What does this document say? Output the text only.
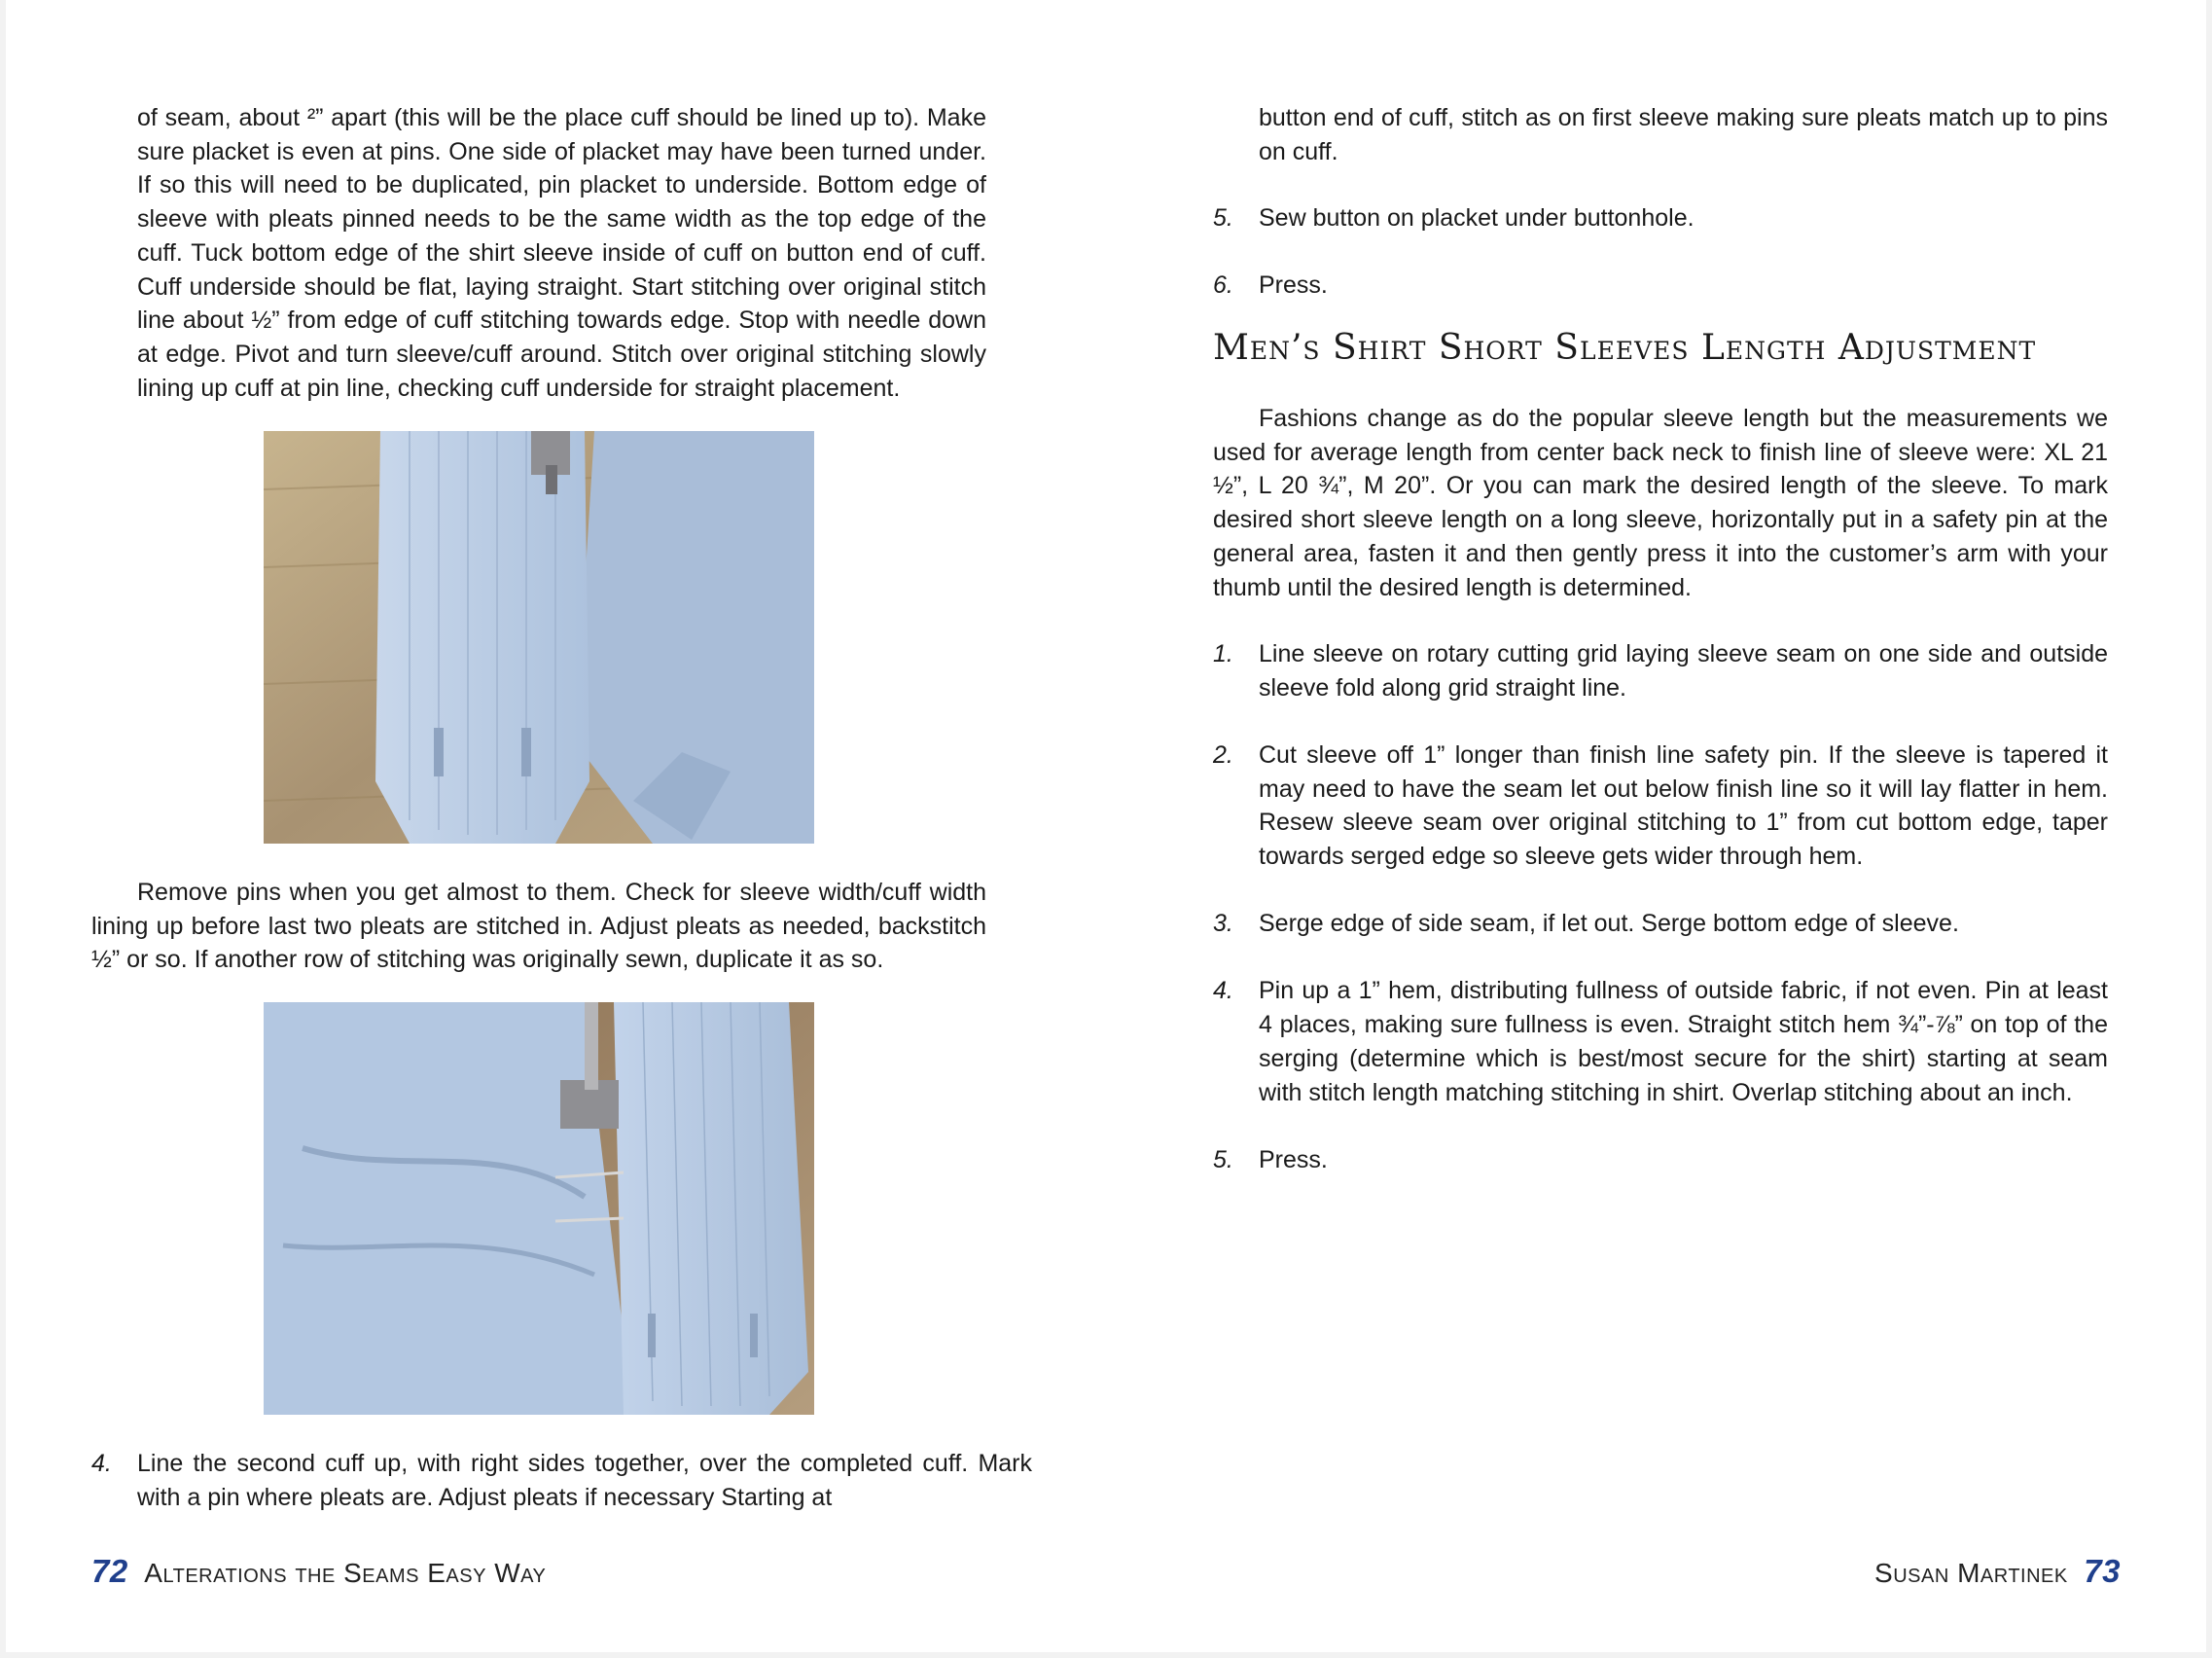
of seam, about ²” apart (this will be the place cuff should be lined up to). Make sure placket is even at pins. One side of placket may have been turned under. If so this will need to be duplicated, pin placket to underside. Bottom edge of sleeve with pleats pinned needs to be the same width as the top edge of the cuff. Tuck bottom edge of the shirt sleeve inside of cuff on button end of cuff. Cuff underside should be flat, laying straight. Start stitching over original stitch line about ½” from edge of cuff stitching towards edge. Stop with needle down at edge. Pivot and turn sleeve/cuff around. Stitch over original stitching slowly lining up cuff at pin line, checking cuff underside for straight placement.

Remove pins when you get almost to them. Check for sleeve width/cuff width lining up before last two pleats are stitched in. Adjust pleats as needed, backstitch ½” or so. If another row of stitching was originally sewn, duplicate it as so.

4. Line the second cuff up, with right sides together, over the completed cuff. Mark with a pin where pleats are. Adjust pleats if necessary Starting at

72 Alterations the Seams Easy Way

button end of cuff, stitch as on first sleeve making sure pleats match up to pins on cuff.

5. Sew button on placket under buttonhole.

6. Press.

Men’s Shirt Short Sleeves Length Adjustment

Fashions change as do the popular sleeve length but the measurements we used for average length from center back neck to finish line of sleeve were: XL 21 ½”, L 20 ¾”, M 20”. Or you can mark the desired length of the sleeve. To mark desired short sleeve length on a long sleeve, horizontally put in a safety pin at the general area, fasten it and then gently press it into the customer’s arm with your thumb until the desired length is determined.

1. Line sleeve on rotary cutting grid laying sleeve seam on one side and outside sleeve fold along grid straight line.

2. Cut sleeve off 1” longer than finish line safety pin. If the sleeve is tapered it may need to have the seam let out below finish line so it will lay flatter in hem. Resew sleeve seam over original stitching to 1” from cut bottom edge, taper towards serged edge so sleeve gets wider through hem.

3. Serge edge of side seam, if let out. Serge bottom edge of sleeve.

4. Pin up a 1” hem, distributing fullness of outside fabric, if not even. Pin at least 4 places, making sure fullness is even. Straight stitch hem ¾”-⅞” on top of the serging (determine which is best/most secure for the shirt) starting at seam with stitch length matching stitching in shirt. Overlap stitching about an inch.

5. Press.

Susan Martinek 73
